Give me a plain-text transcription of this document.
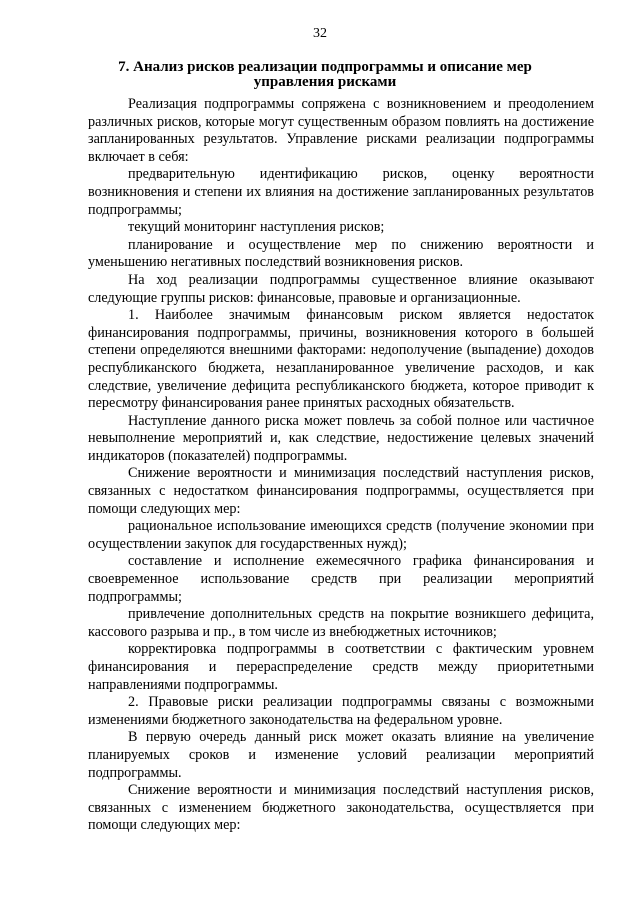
32
7. Анализ рисков реализации подпрограммы и описание мер
управления рисками

Реализация подпрограммы сопряжена с возникновением и преодолением различных рисков, которые могут существенным образом повлиять на достижение запланированных результатов. Управление рисками реализации подпрограммы включает в себя:

предварительную идентификацию рисков, оценку вероятности возникновения и степени их влияния на достижение запланированных результатов подпрограммы;

текущий мониторинг наступления рисков;

планирование и осуществление мер по снижению вероятности и уменьшению негативных последствий возникновения рисков.

На ход реализации подпрограммы существенное влияние оказывают следующие группы рисков: финансовые, правовые и организационные.

1. Наиболее значимым финансовым риском является недостаток финансирования подпрограммы, причины, возникновения которого в большей степени определяются внешними факторами: недополучение (выпадение) доходов республиканского бюджета, незапланированное увеличение расходов, и как следствие, увеличение дефицита республиканского бюджета, которое приводит к пересмотру финансирования ранее принятых расходных обязательств.

Наступление данного риска может повлечь за собой полное или частичное невыполнение мероприятий и, как следствие, недостижение целевых значений индикаторов (показателей) подпрограммы.

Снижение вероятности и минимизация последствий наступления рисков, связанных с недостатком финансирования подпрограммы, осуществляется при помощи следующих мер:

рациональное использование имеющихся средств (получение экономии при осуществлении закупок для государственных нужд);

составление и исполнение ежемесячного графика финансирования и своевременное использование средств при реализации мероприятий подпрограммы;

привлечение дополнительных средств на покрытие возникшего дефицита, кассового разрыва и пр., в том числе из внебюджетных источников;

корректировка подпрограммы в соответствии с фактическим уровнем финансирования и перераспределение средств между приоритетными направлениями подпрограммы.

2. Правовые риски реализации подпрограммы связаны с возможными изменениями бюджетного законодательства на федеральном уровне.

В первую очередь данный риск может оказать влияние на увеличение планируемых сроков и изменение условий реализации мероприятий подпрограммы.

Снижение вероятности и минимизация последствий наступления рисков, связанных с изменением бюджетного законодательства, осуществляется при помощи следующих мер:
